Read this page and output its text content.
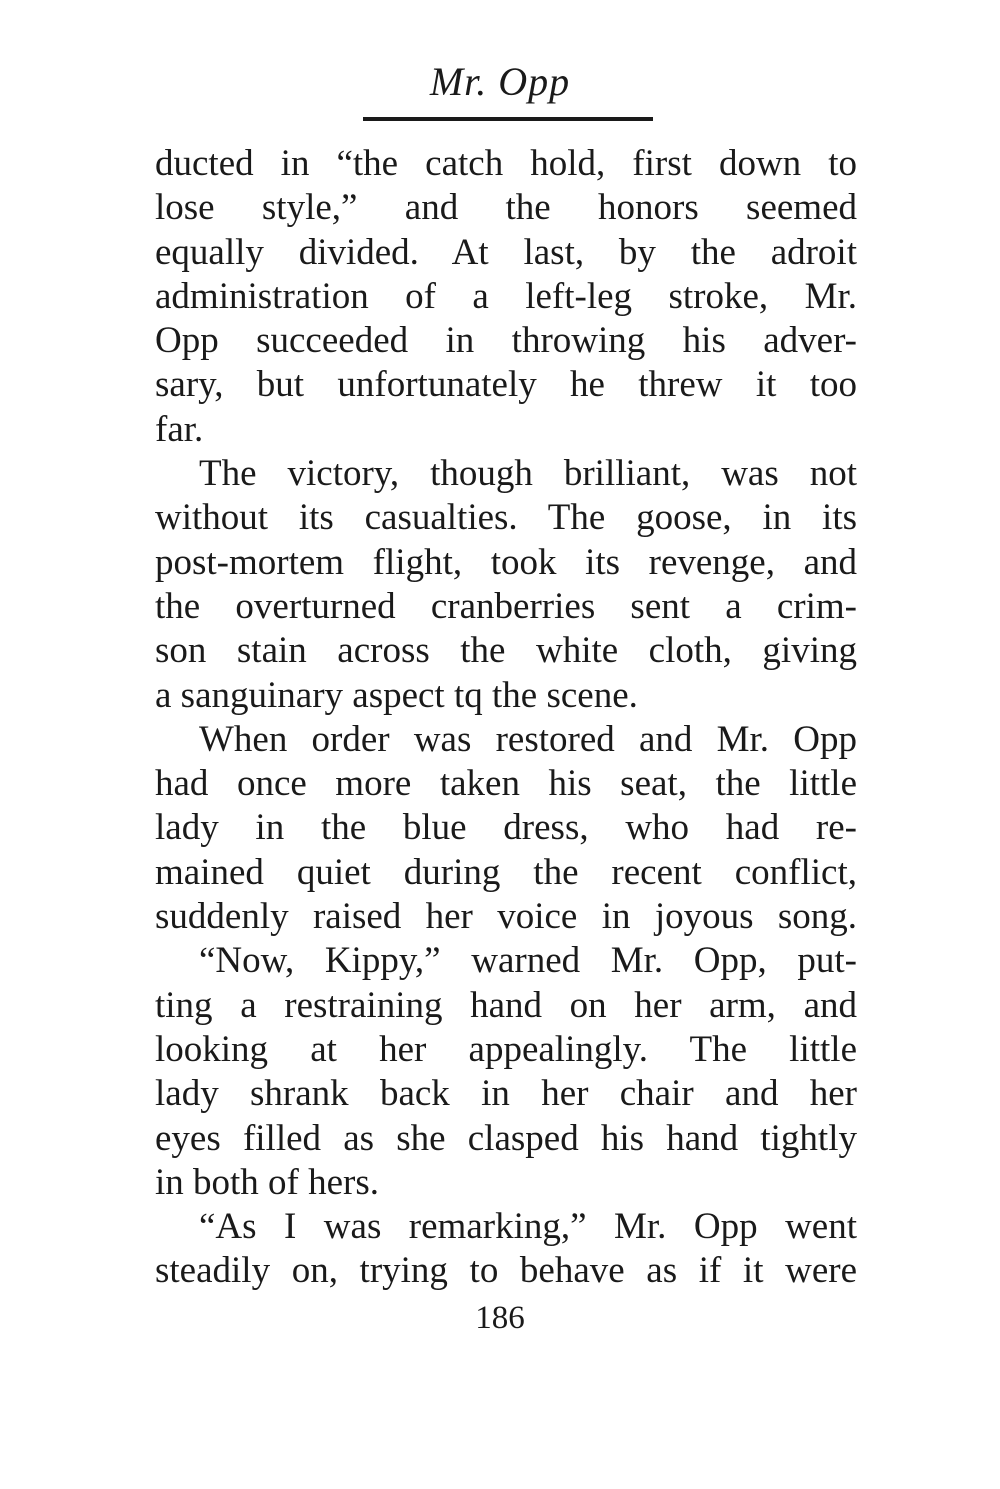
Mr. Opp
ducted in “the catch hold, first down to
lose style,” and the honors seemed
equally divided. At last, by the adroit
administration of a left-leg stroke, Mr.
Opp succeeded in throwing his adver-
sary, but unfortunately he threw it too
far.
The victory, though brilliant, was not
without its casualties. The goose, in its
post-mortem flight, took its revenge, and
the overturned cranberries sent a crim-
son stain across the white cloth, giving
a sanguinary aspect tq the scene.
When order was restored and Mr. Opp
had once more taken his seat, the little
lady in the blue dress, who had re-
mained quiet during the recent conflict,
suddenly raised her voice in joyous song.
“Now, Kippy,” warned Mr. Opp, put-
ting a restraining hand on her arm, and
looking at her appealingly. The little
lady shrank back in her chair and her
eyes filled as she clasped his hand tightly
in both of hers.
“As I was remarking,” Mr. Opp went
steadily on, trying to behave as if it were
186
